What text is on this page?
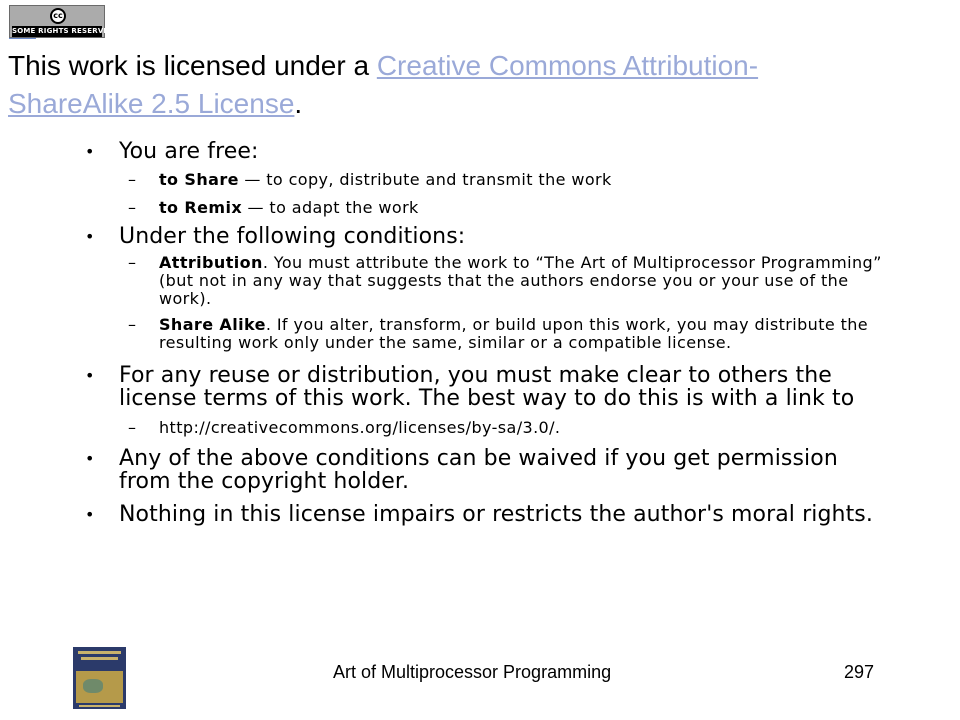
cc
SOME RIGHTS RESERVED
This work is licensed under a Creative Commons Attribution-ShareAlike 2.5 License.
• You are free:
– to Share — to copy, distribute and transmit the work
– to Remix — to adapt the work
• Under the following conditions:
– Attribution. You must attribute the work to “The Art of Multiprocessor Programming” (but not in any way that suggests that the authors endorse you or your use of the work).
– Share Alike. If you alter, transform, or build upon this work, you may distribute the resulting work only under the same, similar or a compatible license.
• For any reuse or distribution, you must make clear to others the license terms of this work. The best way to do this is with a link to
– http://creativecommons.org/licenses/by-sa/3.0/.
• Any of the above conditions can be waived if you get permission from the copyright holder.
• Nothing in this license impairs or restricts the author's moral rights.
Art of Multiprocessor Programming	297
